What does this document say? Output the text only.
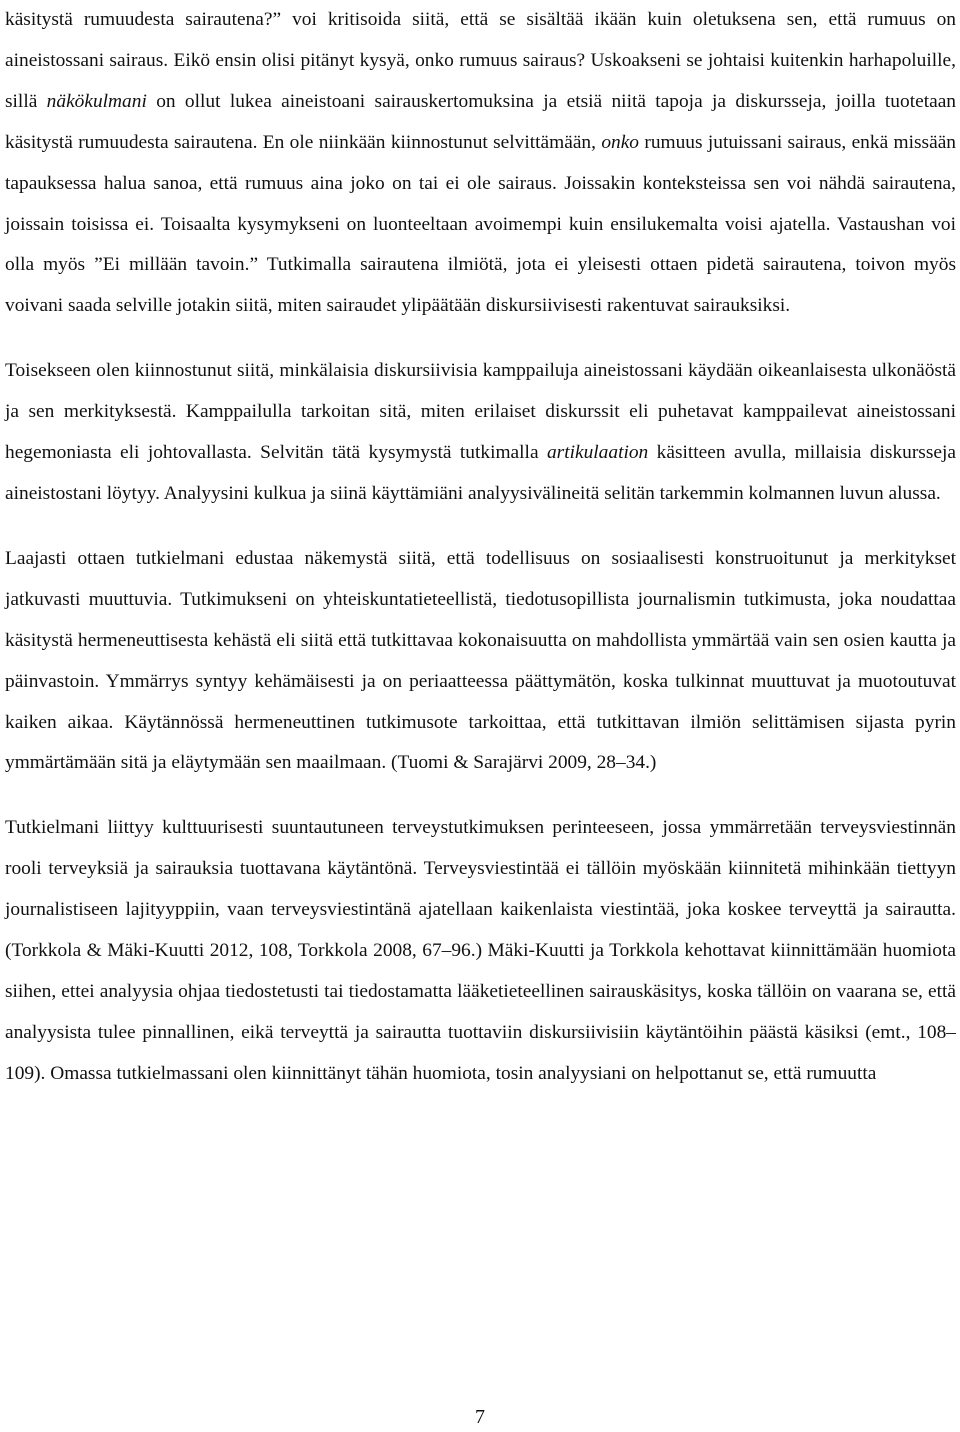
käsitystä rumuudesta sairautena?” voi kritisoida siitä, että se sisältää ikään kuin oletuksena sen, että rumuus on aineistossani sairaus. Eikö ensin olisi pitänyt kysyä, onko rumuus sairaus? Uskoakseni se johtaisi kuitenkin harhapoluille, sillä näkökulmani on ollut lukea aineistoani sairauskertomuksina ja etsiä niitä tapoja ja diskursseja, joilla tuotetaan käsitystä rumuudesta sairautena. En ole niinkään kiinnostunut selvittämään, onko rumuus jutuissani sairaus, enkä missään tapauksessa halua sanoa, että rumuus aina joko on tai ei ole sairaus. Joissakin konteksteissa sen voi nähdä sairautena, joissain toisissa ei. Toisaalta kysymykseni on luonteeltaan avoimempi kuin ensilukemalta voisi ajatella. Vastaushan voi olla myös ”Ei millään tavoin.” Tutkimalla sairautena ilmiötä, jota ei yleisesti ottaen pidetä sairautena, toivon myös voivani saada selville jotakin siitä, miten sairaudet ylipäätään diskursiivisesti rakentuvat sairauksiksi.

Toisekseen olen kiinnostunut siitä, minkälaisia diskursiivisia kamppailuja aineistossani käydään oikeanlaisesta ulkonäöstä ja sen merkityksestä. Kamppailulla tarkoitan sitä, miten erilaiset diskurssit eli puhetavat kamppailevat aineistossani hegemoniasta eli johtovallasta. Selvitän tätä kysymystä tutkimalla artikulaation käsitteen avulla, millaisia diskursseja aineistostani löytyy. Analyysini kulkua ja siinä käyttämiäni analyysivälineitä selitän tarkemmin kolmannen luvun alussa.

Laajasti ottaen tutkielmani edustaa näkemystä siitä, että todellisuus on sosiaalisesti konstruoitunut ja merkitykset jatkuvasti muuttuvia. Tutkimukseni on yhteiskuntatieteellistä, tiedotusopillista journalismin tutkimusta, joka noudattaa käsitystä hermeneuttisesta kehästä eli siitä että tutkittavaa kokonaisuutta on mahdollista ymmärtää vain sen osien kautta ja päinvastoin. Ymmärrys syntyy kehämäisesti ja on periaatteessa päättymätön, koska tulkinnat muuttuvat ja muotoutuvat kaiken aikaa. Käytännössä hermeneuttinen tutkimusote tarkoittaa, että tutkittavan ilmiön selittämisen sijasta pyrin ymmärtämään sitä ja eläytymään sen maailmaan. (Tuomi & Sarajärvi 2009, 28–34.)

Tutkielmani liittyy kulttuurisesti suuntautuneen terveystutkimuksen perinteeseen, jossa ymmärretään terveysviestinnän rooli terveyksiä ja sairauksia tuottavana käytäntönä. Terveysviestintää ei tällöin myöskään kiinnitetä mihinkään tiettyyn journalistiseen lajityyppiin, vaan terveysviestintänä ajatellaan kaikenlaista viestintää, joka koskee terveyttä ja sairautta. (Torkkola & Mäki-Kuutti 2012, 108, Torkkola 2008, 67–96.) Mäki-Kuutti ja Torkkola kehottavat kiinnittämään huomiota siihen, ettei analyysia ohjaa tiedostetusti tai tiedostamatta lääketieteellinen sairauskäsitys, koska tällöin on vaarana se, että analyysista tulee pinnallinen, eikä terveyttä ja sairautta tuottaviin diskursiivisiin käytäntöihin päästä käsiksi (emt., 108–109). Omassa tutkielmassani olen kiinnittänyt tähän huomiota, tosin analyysiani on helpottanut se, että rumuutta

7
